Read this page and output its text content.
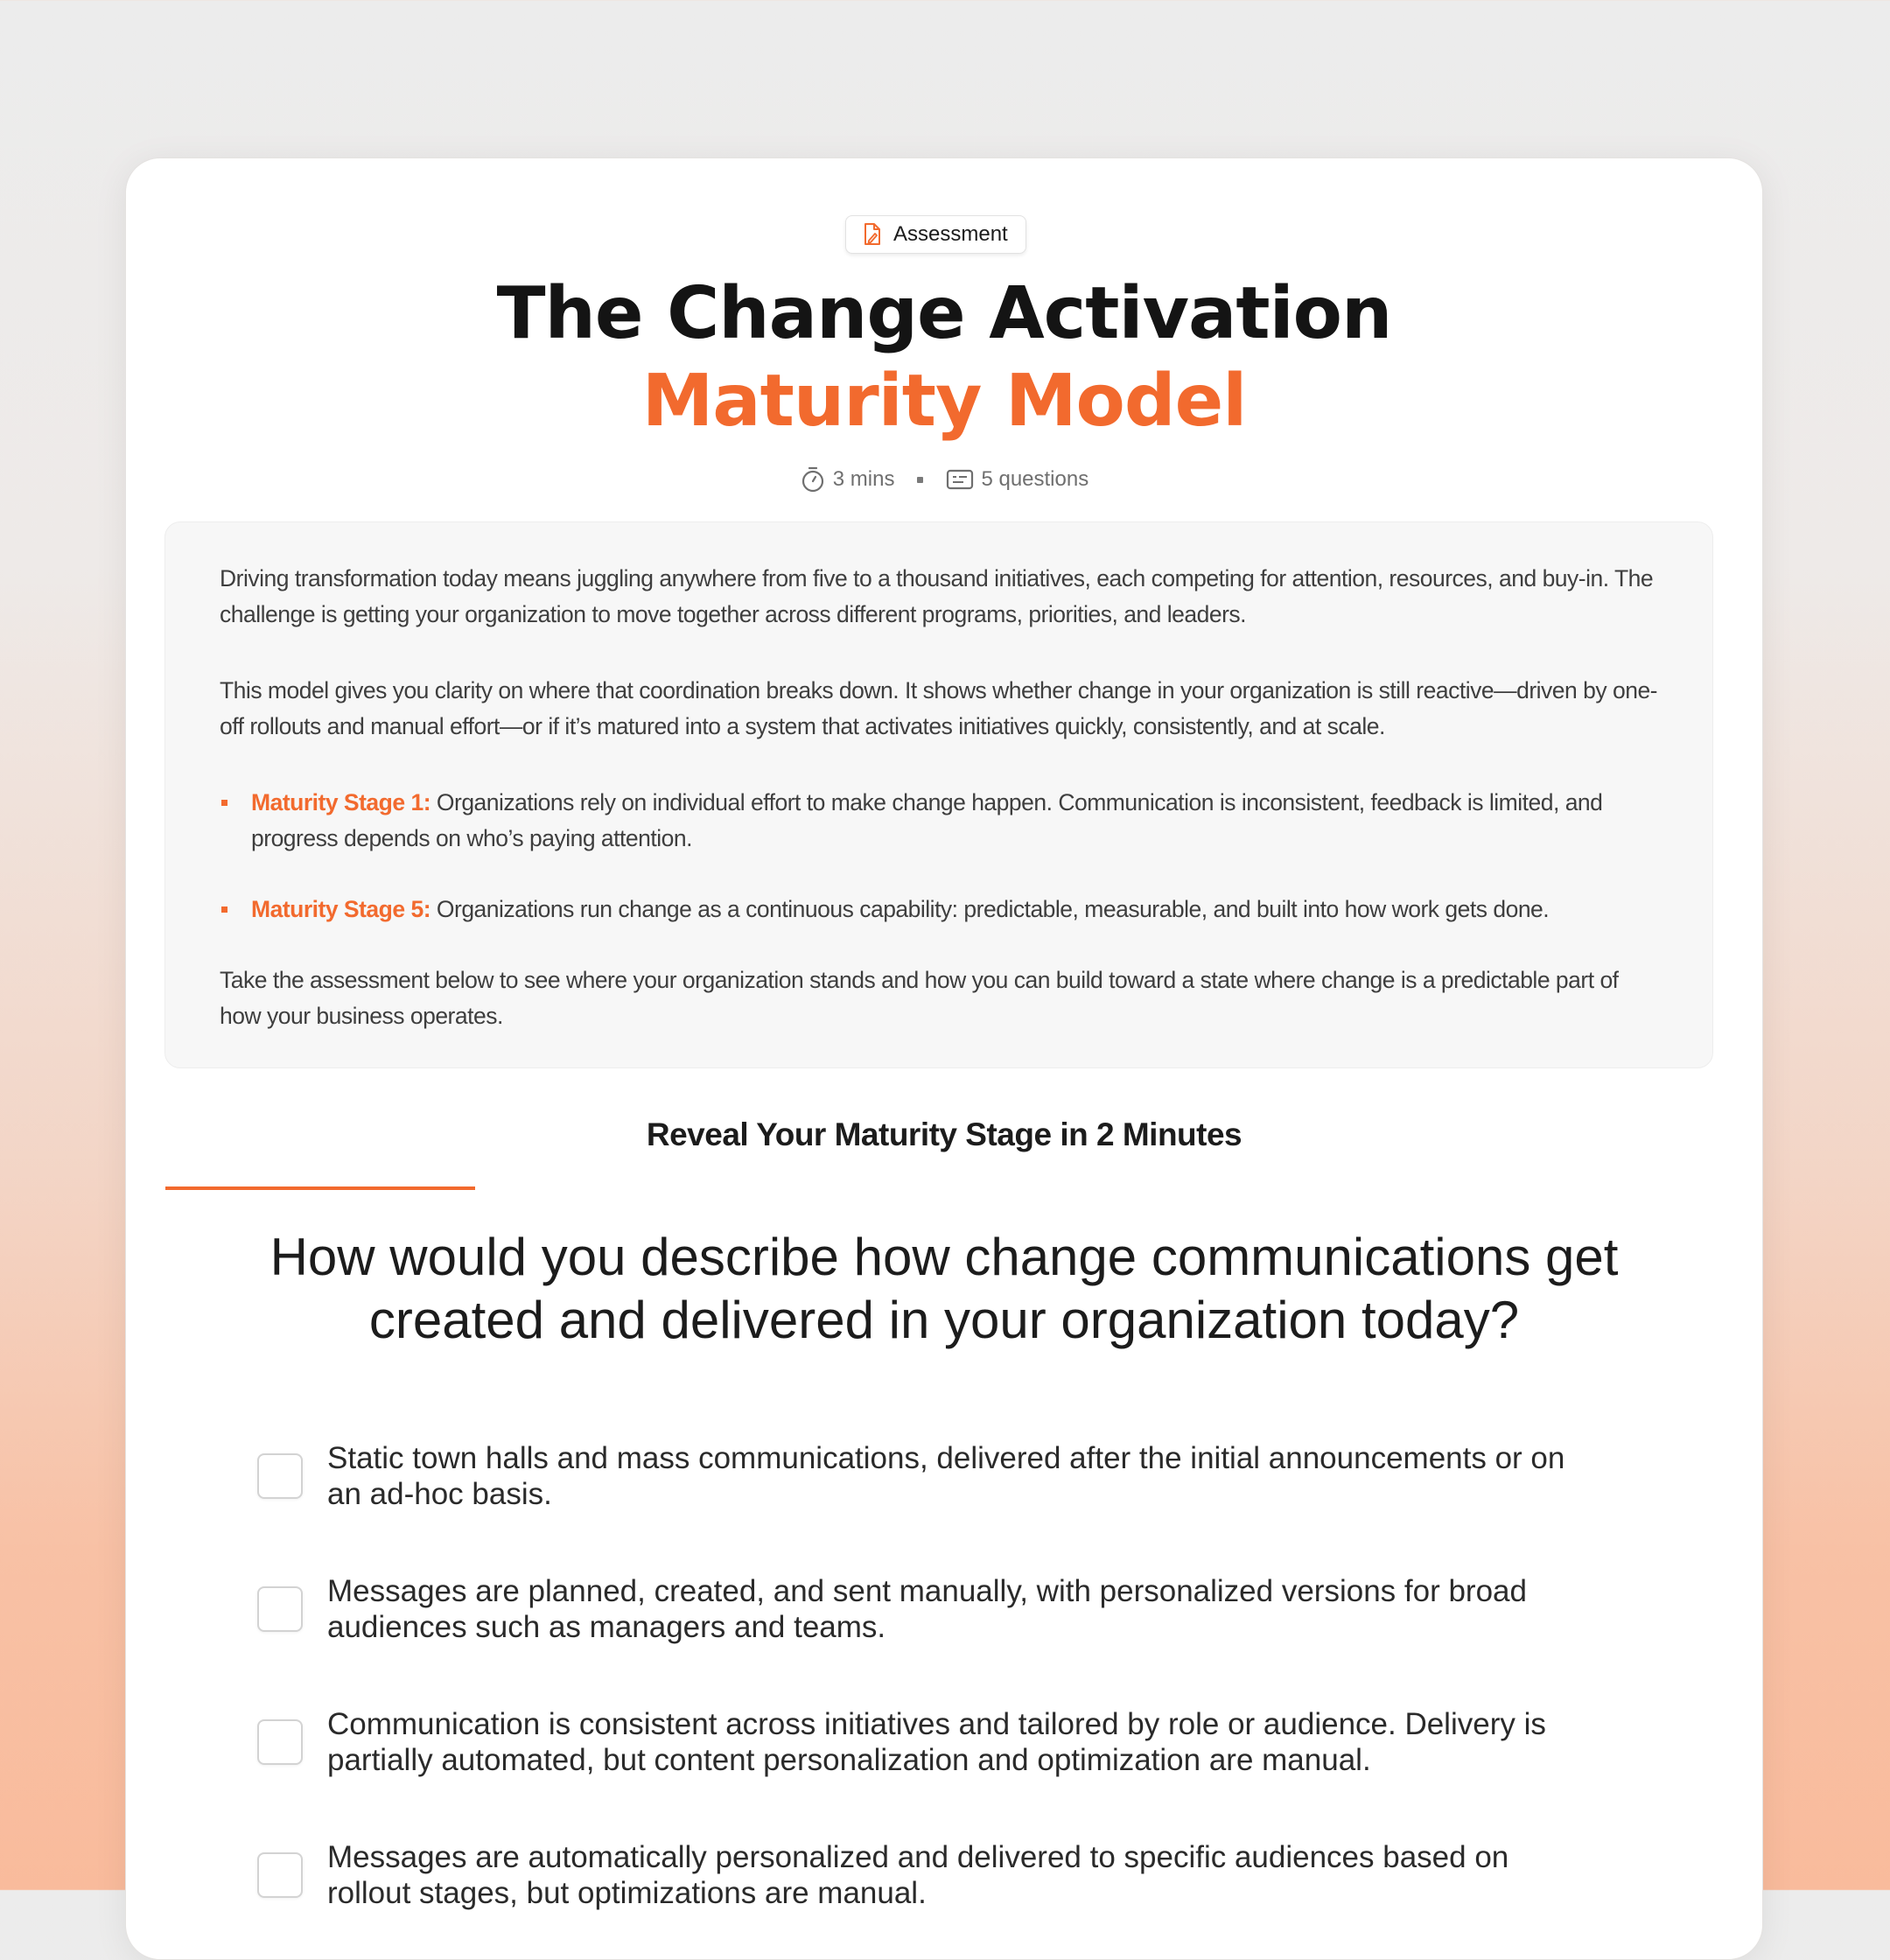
Assessment
The Change Activation
Maturity Model
3 mins	5 questions

Driving transformation today means juggling anywhere from five to a thousand initiatives, each competing for attention, resources, and buy-in. The challenge is getting your organization to move together across different programs, priorities, and leaders.

This model gives you clarity on where that coordination breaks down. It shows whether change in your organization is still reactive—driven by one-off rollouts and manual effort—or if it’s matured into a system that activates initiatives quickly, consistently, and at scale.

Maturity Stage 1: Organizations rely on individual effort to make change happen. Communication is inconsistent, feedback is limited, and progress depends on who’s paying attention.
Maturity Stage 5: Organizations run change as a continuous capability: predictable, measurable, and built into how work gets done.

Take the assessment below to see where your organization stands and how you can build toward a state where change is a predictable part of how your business operates.

Reveal Your Maturity Stage in 2 Minutes
How would you describe how change communications get created and delivered in your organization today?
Static town halls and mass communications, delivered after the initial announcements or on an ad-hoc basis.
Messages are planned, created, and sent manually, with personalized versions for broad audiences such as managers and teams.
Communication is consistent across initiatives and tailored by role or audience. Delivery is partially automated, but content personalization and optimization are manual.
Messages are automatically personalized and delivered to specific audiences based on rollout stages, but optimizations are manual.
